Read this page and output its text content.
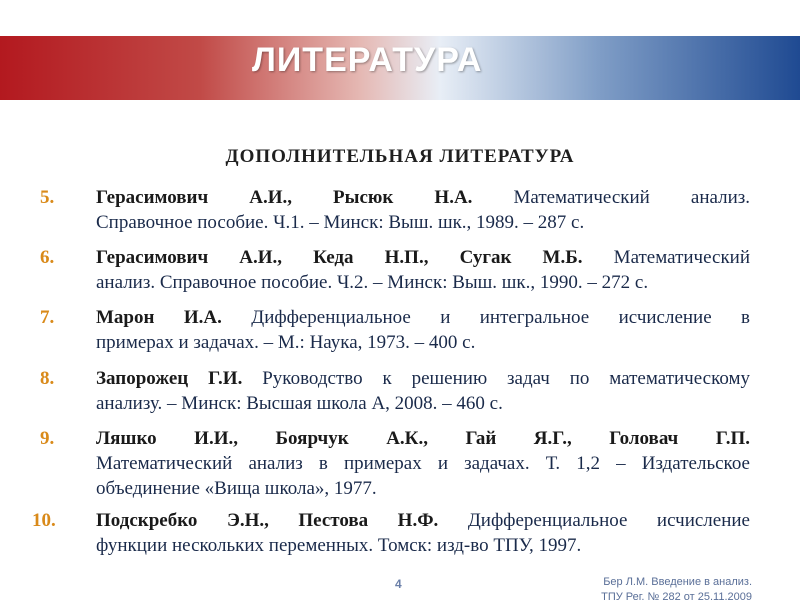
ЛИТЕРАТУРА
ДОПОЛНИТЕЛЬНАЯ ЛИТЕРАТУРА
5. Герасимович А.И., Рысюк Н.А. Математический анализ.
Справочное пособие. Ч.1. – Минск: Выш. шк., 1989. – 287 с.
6. Герасимович А.И., Кеда Н.П., Сугак М.Б. Математический
анализ. Справочное пособие. Ч.2. – Минск: Выш. шк., 1990. – 272 с.
7. Марон И.А. Дифференциальное и интегральное исчисление в
примерах и задачах. – М.: Наука, 1973. – 400 с.
8. Запорожец Г.И. Руководство к решению задач по математическому
анализу. – Минск: Высшая школа А, 2008. – 460 с.
9. Ляшко И.И., Боярчук А.К., Гай Я.Г., Головач Г.П.
Математический анализ в примерах и задачах. Т. 1,2 – Издательское
объединение «Вища школа», 1977.
10. Подскребко Э.Н., Пестова Н.Ф. Дифференциальное исчисление
функции нескольких переменных. Томск: изд-во ТПУ, 1997.
4	Бер Л.М. Введение в анализ.
ТПУ Рег. № 282 от 25.11.2009
